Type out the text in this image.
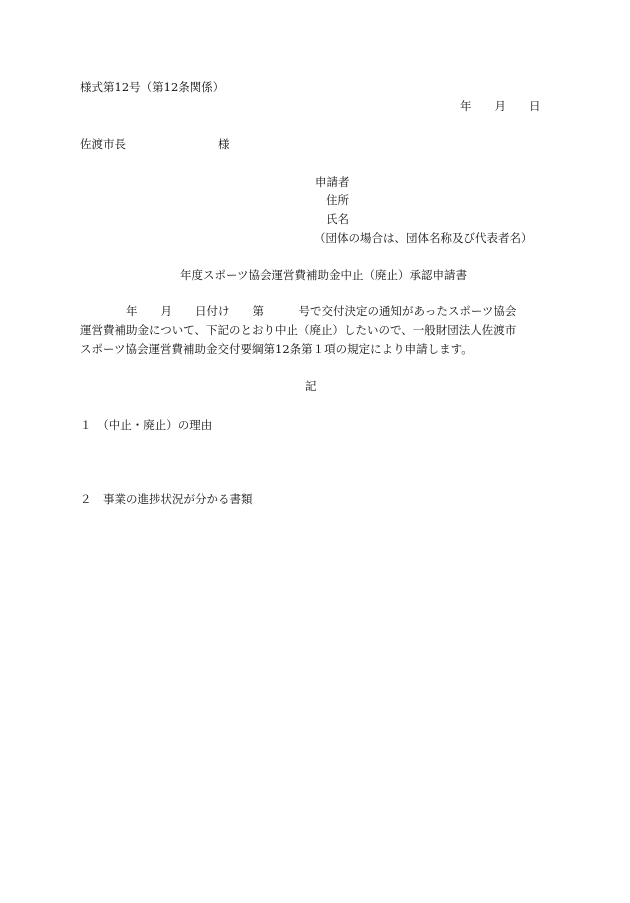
様式第12号（第12条関係）
年　　月　　日
佐渡市長　　　　　　　　様
申請者
住所
氏名
（団体の場合は、団体名称及び代表者名）
年度スポーツ協会運営費補助金中止（廃止）承認申請書
　　　　年　　月　　日付け　　第　　　号で交付決定の通知があったスポーツ協会
運営費補助金について、下記のとおり中止（廃止）したいので、一般財団法人佐渡市
スポーツ協会運営費補助金交付要綱第12条第１項の規定により申請します。
記
１　（中止・廃止）の理由
２　事業の進捗状況が分かる書類
